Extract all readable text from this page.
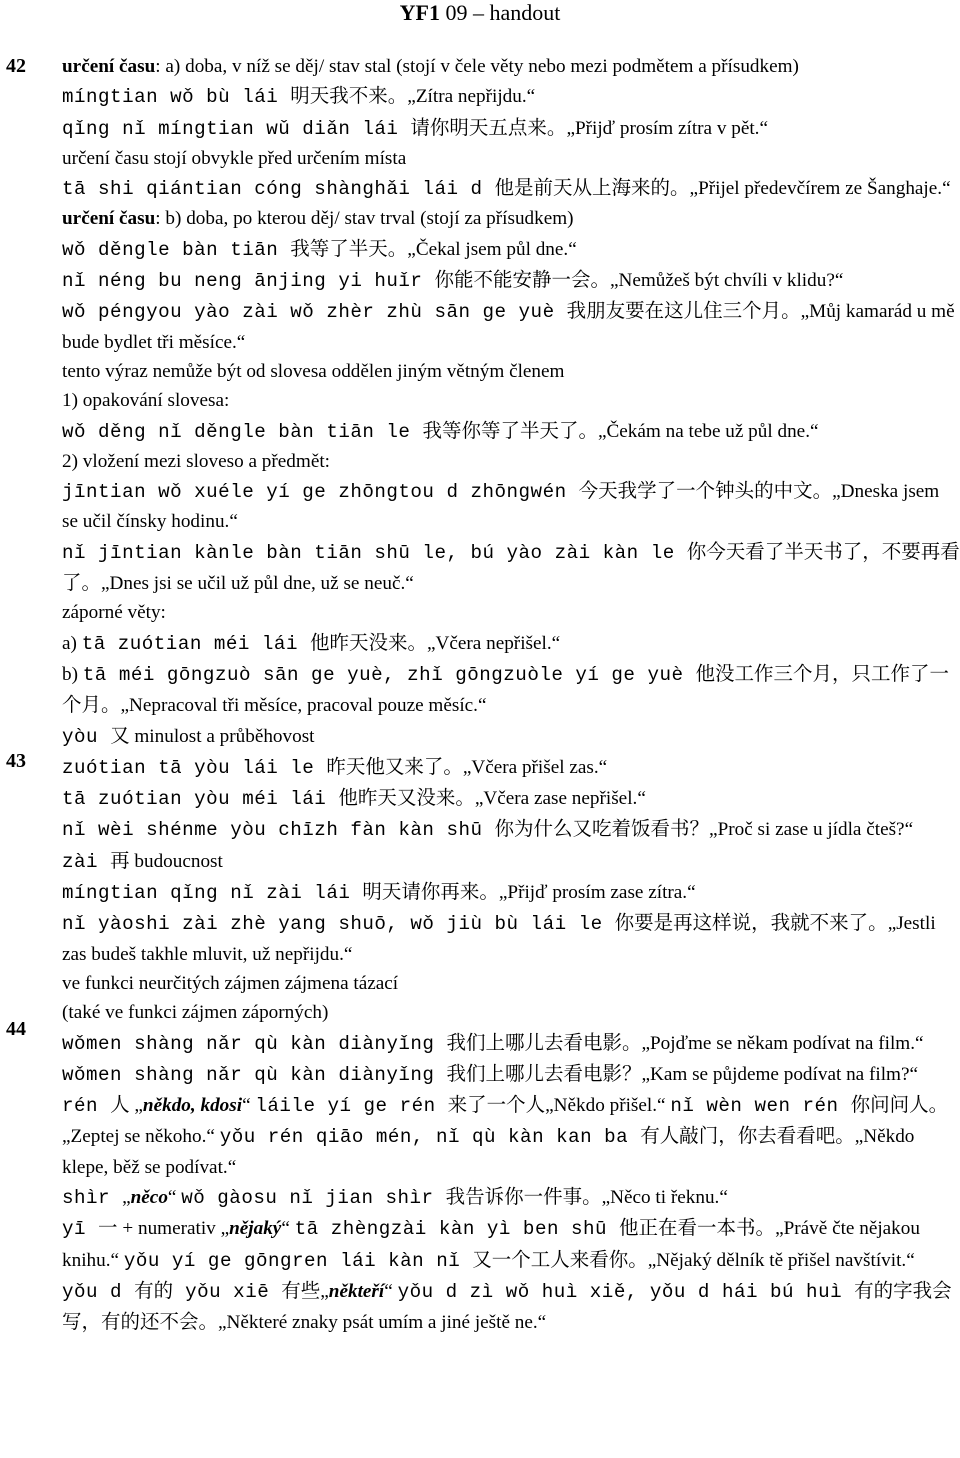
YF1 09 – handout
42
43
44

určení času: a) doba, v níž se děj/ stav stal (stojí v čele věty nebo mezi podmětem a přísudkem)

míngtian wǒ bù lái 明天我不来。„Zítra nepřijdu.“

qǐng nǐ míngtian wǔ diǎn lái 请你明天五点来。„Přijď prosím zítra v pět.“

určení času stojí obvykle před určením místa

tā shi qiántian cóng shànghǎi lái d 他是前天从上海来的。„Přijel předevčírem ze Šanghaje.“

určení času: b) doba, po kterou děj/ stav trval (stojí za přísudkem)

wǒ děngle bàn tiān 我等了半天。„Čekal jsem půl dne.“

nǐ néng bu neng ānjing yi huǐr 你能不能安静一会。„Nemůžeš být chvíli v klidu?“

wǒ péngyou yào zài wǒ zhèr zhù sān ge yuè 我朋友要在这儿住三个月。„Můj kamarád u mě bude bydlet tři měsíce.“

tento výraz nemůže být od slovesa oddělen jiným větným členem

1) opakování slovesa:

wǒ děng nǐ děngle bàn tiān le 我等你等了半天了。„Čekám na tebe už půl dne.“

2) vložení mezi sloveso a předmět:

jīntian wǒ xuéle yí ge zhōngtou d zhōngwén 今天我学了一个钟头的中文。„Dneska jsem se učil čínsky hodinu.“

nǐ jīntian kànle bàn tiān shū le, bú yào zài kàn le 你今天看了半天书了，不要再看了。„Dnes jsi se učil už půl dne, už se neuč.“

záporné věty:

a) tā zuótian méi lái 他昨天没来。„Včera nepřišel.“

b) tā méi gōngzuò sān ge yuè, zhǐ gōngzuòle yí ge yuè 他没工作三个月，只工作了一个月。„Nepracoval tři měsíce, pracoval pouze měsíc.“

yòu 又 minulost a průběhovost

zuótian tā yòu lái le 昨天他又来了。„Včera přišel zas.“

tā zuótian yòu méi lái 他昨天又没来。„Včera zase nepřišel.“

nǐ wèi shénme yòu chīzh fàn kàn shū 你为什么又吃着饭看书？„Proč si zase u jídla čteš?“

zài 再 budoucnost

míngtian qǐng nǐ zài lái 明天请你再来。„Přijď prosím zase zítra.“

nǐ yàoshi zài zhè yang shuō, wǒ jiù bù lái le 你要是再这样说，我就不来了。„Jestli zas budeš takhle mluvit, už nepřijdu.“

ve funkci neurčitých zájmen zájmena tázací

(také ve funkci zájmen záporných)

wǒmen shàng nǎr qù kàn diànyǐng 我们上哪儿去看电影。„Pojďme se někam podívat na film.“

wǒmen shàng nǎr qù kàn diànyǐng 我们上哪儿去看电影？„Kam se půjdeme podívat na film?“

rén 人 „někdo, kdosi“ láile yí ge rén 来了一个人„Někdo přišel.“ nǐ wèn wen rén 你问问人。„Zeptej se někoho.“ yǒu rén qiāo mén, nǐ qù kàn kan ba 有人敲门，你去看看吧。„Někdo klepe, běž se podívat.“

shìr „něco“ wǒ gàosu nǐ jian shìr 我告诉你一件事。„Něco ti řeknu.“

yī 一 + numerativ „nějaký“ tā zhèngzài kàn yì ben shū 他正在看一本书。„Právě čte nějakou knihu.“ yǒu yí ge gōngren lái kàn nǐ 又一个工人来看你。„Nějaký dělník tě přišel navštívit.“

yǒu d 有的 yǒu xiē 有些„někteří“ yǒu d zì wǒ huì xiě, yǒu d hái bú huì 有的字我会写，有的还不会。„Některé znaky psát umím a jiné ještě ne.“
